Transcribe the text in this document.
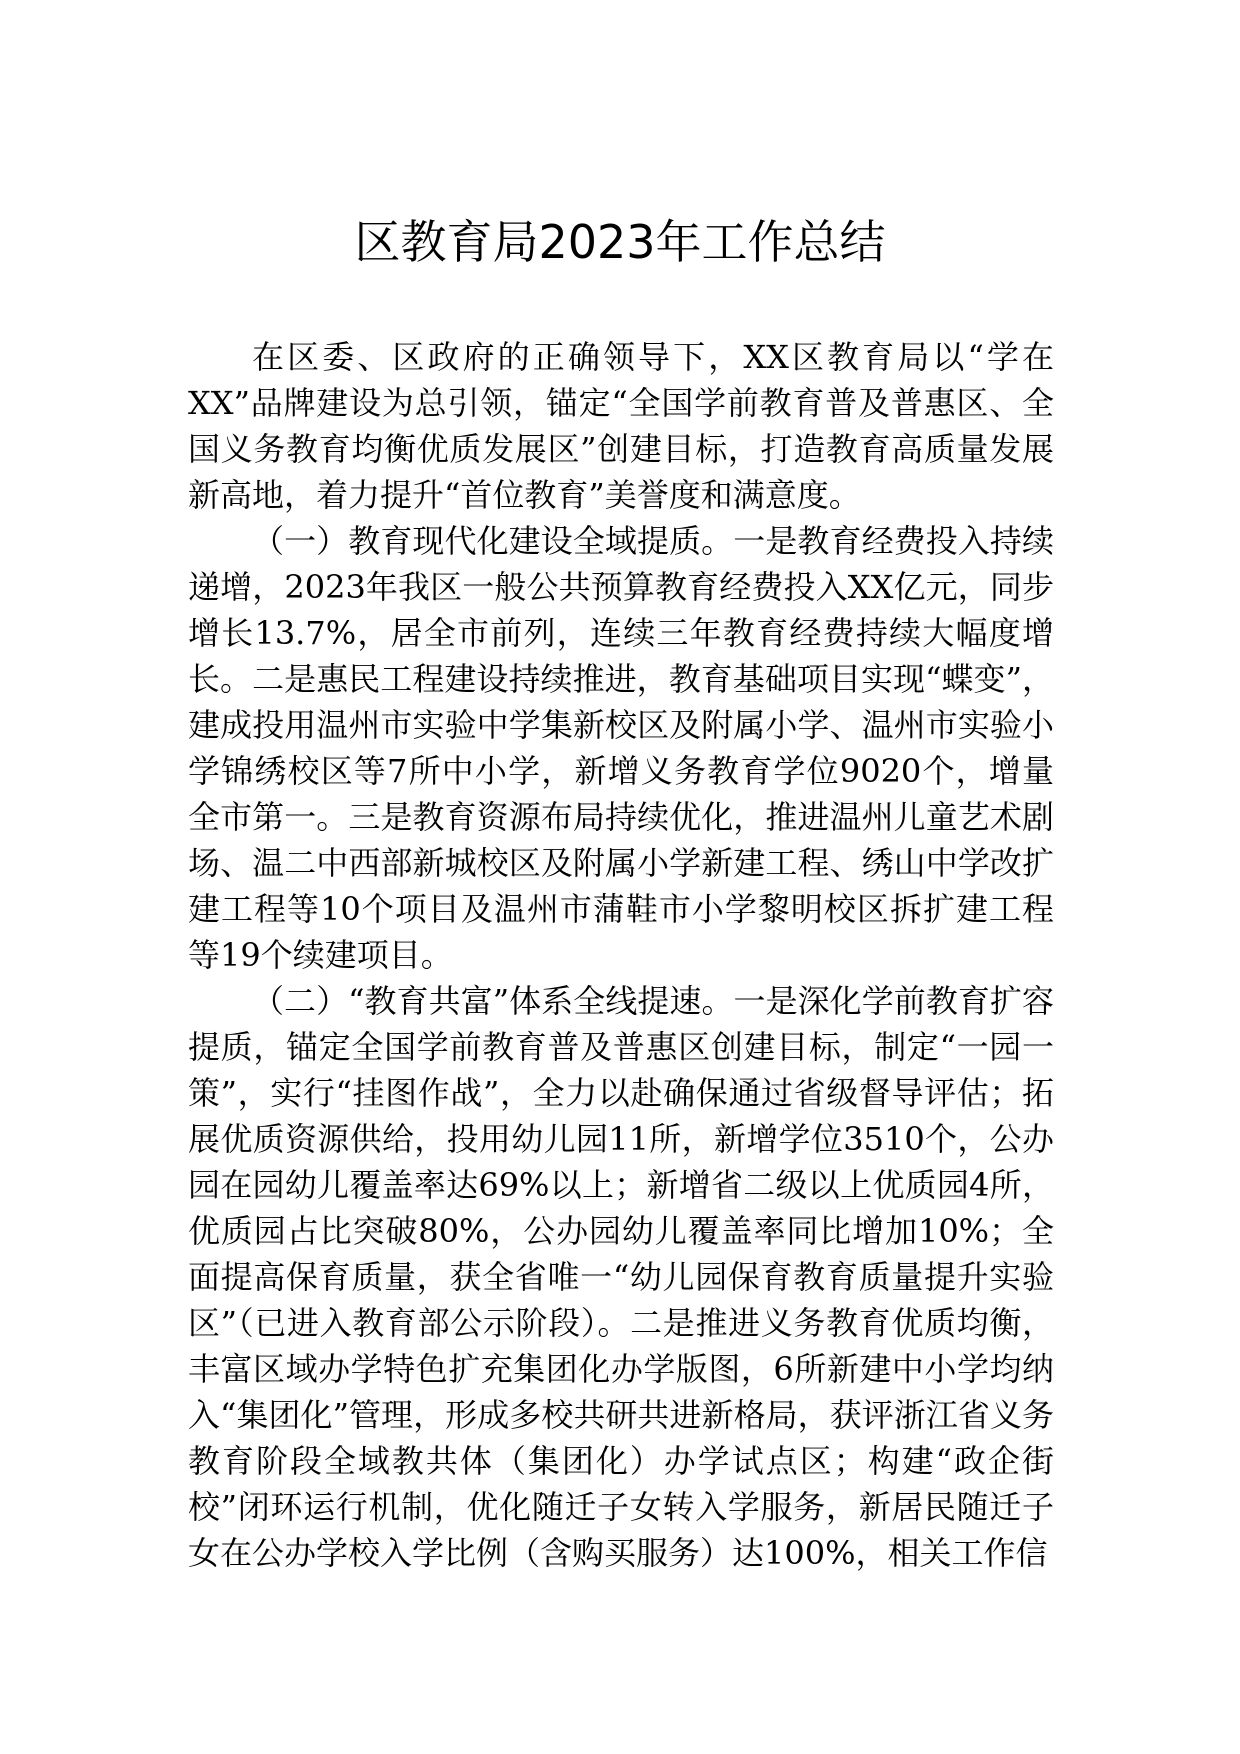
区教育局2023年工作总结

在区委、区政府的正确领导下，XX区教育局以“学在XX”品牌建设为总引领，锚定“全国学前教育普及普惠区、全国义务教育均衡优质发展区”创建目标，打造教育高质量发展新高地，着力提升“首位教育”美誉度和满意度。

（一）教育现代化建设全域提质。一是教育经费投入持续递增，2023年我区一般公共预算教育经费投入XX亿元，同步增长13.7%，居全市前列，连续三年教育经费持续大幅度增长。二是惠民工程建设持续推进，教育基础项目实现“蝶变”，建成投用温州市实验中学集新校区及附属小学、温州市实验小学锦绣校区等7所中小学，新增义务教育学位9020个，增量全市第一。三是教育资源布局持续优化，推进温州儿童艺术剧场、温二中西部新城校区及附属小学新建工程、绣山中学改扩建工程等10个项目及温州市蒲鞋市小学黎明校区拆扩建工程等19个续建项目。

（二）“教育共富”体系全线提速。一是深化学前教育扩容提质，锚定全国学前教育普及普惠区创建目标，制定“一园一策”，实行“挂图作战”，全力以赴确保通过省级督导评估；拓展优质资源供给，投用幼儿园11所，新增学位3510个，公办园在园幼儿覆盖率达69%以上；新增省二级以上优质园4所，优质园占比突破80%，公办园幼儿覆盖率同比增加10%；全面提高保育质量，获全省唯一“幼儿园保育教育质量提升实验区”（已进入教育部公示阶段）。二是推进义务教育优质均衡，丰富区域办学特色扩充集团化办学版图，6所新建中小学均纳入“集团化”管理，形成多校共研共进新格局，获评浙江省义务教育阶段全域教共体（集团化）办学试点区；构建“政企街校”闭环运行机制，优化随迁子女转入学服务，新居民随迁子女在公办学校入学比例（含购买服务）达100%，相关工作信
